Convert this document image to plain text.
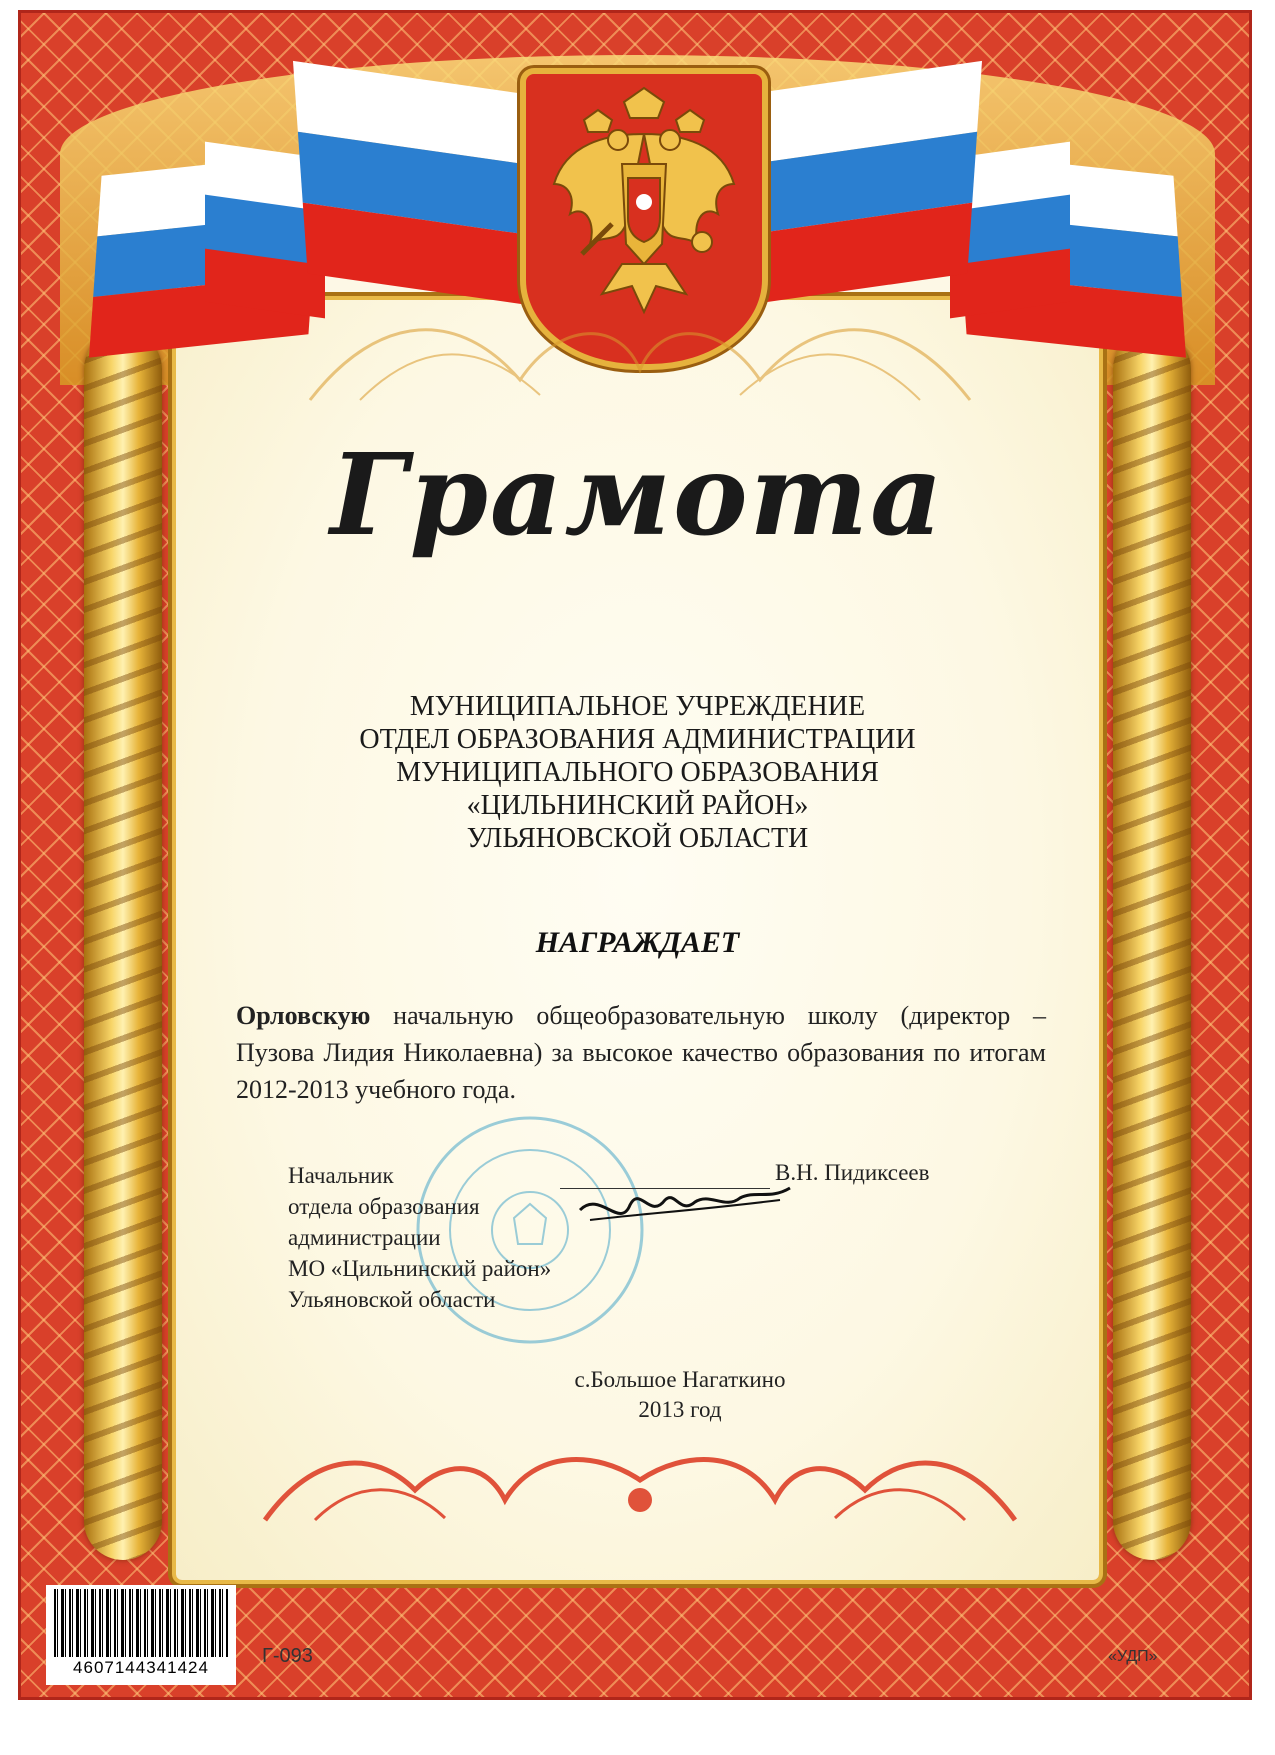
Грамота
МУНИЦИПАЛЬНОЕ УЧРЕЖДЕНИЕ
ОТДЕЛ ОБРАЗОВАНИЯ АДМИНИСТРАЦИИ
МУНИЦИПАЛЬНОГО ОБРАЗОВАНИЯ
«ЦИЛЬНИНСКИЙ РАЙОН»
УЛЬЯНОВСКОЙ ОБЛАСТИ
НАГРАЖДАЕТ
Орловскую начальную общеобразовательную школу (директор – Пузова Лидия Николаевна) за высокое качество образования по итогам 2012-2013 учебного года.
Начальник
отдела образования
администрации
МО «Цильнинский район»
Ульяновской области
В.Н. Пидиксеев
с.Большое Нагаткино
2013 год
4607144341424
Г-093	«УДП»
